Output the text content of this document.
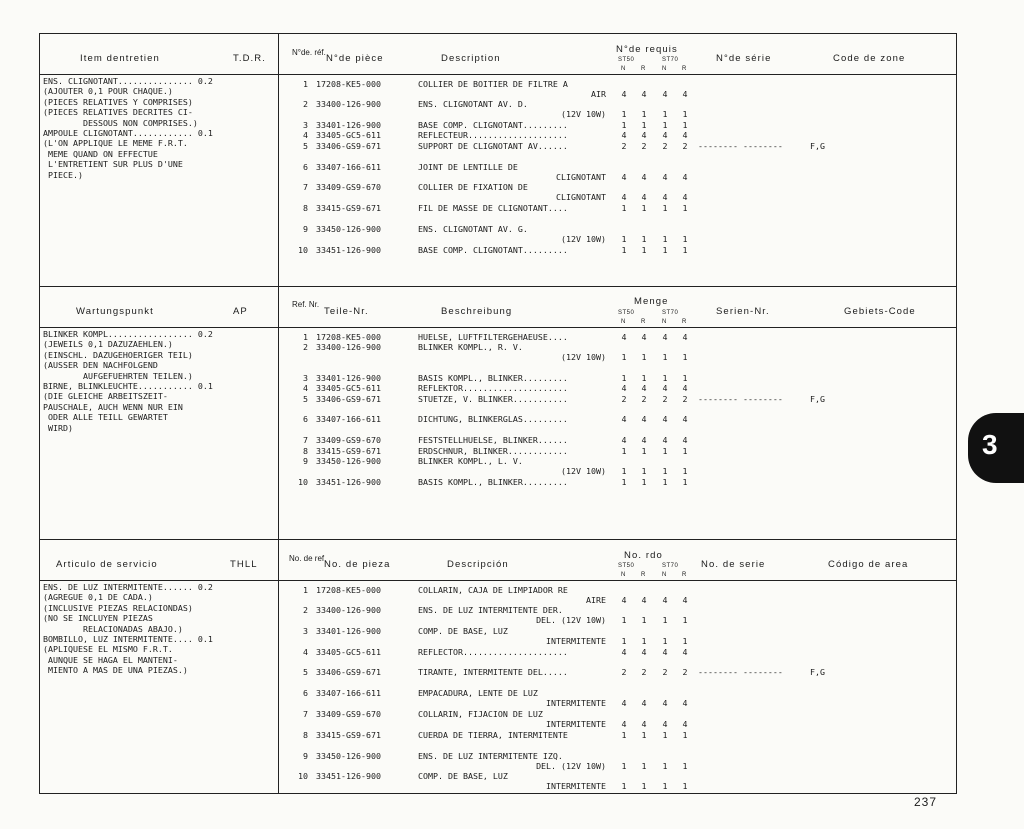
Item dentretien	T.D.R.
N°de. réf.
N°de pièce	Description
N°de requis
ST50	ST70
N	R	N	R
N°de série	Code de zone
ENS. CLIGNOTANT............... 0.2
(AJOUTER 0,1 POUR CHAQUE.)
(PIECES RELATIVES Y COMPRISES)
(PIECES RELATIVES DECRITES CI-
DESSOUS NON COMPRISES.)
AMPOULE CLIGNOTANT............ 0.1
(L'ON APPLIQUE LE MEME F.R.T.
MEME QUAND ON EFFECTUE
L'ENTRETIENT SUR PLUS D'UNE
PIECE.)
1 17208-KE5-000	COLLIER DE BOITIER DE FILTRE A
AIR	4	4	4	4
2 33400-126-900	ENS. CLIGNOTANT AV. D.
(12V 10W)	1	1	1	1
3 33401-126-900	BASE COMP. CLIGNOTANT.........	1	1	1	1
4 33405-GC5-611	REFLECTEUR....................	4	4	4	4
5 33406-GS9-671	SUPPORT DE CLIGNOTANT AV......	2	2	2	2	-------- --------	F,G
6 33407-166-611	JOINT DE LENTILLE DE
CLIGNOTANT	4	4	4	4
7 33409-GS9-670	COLLIER DE FIXATION DE
CLIGNOTANT	4	4	4	4
8 33415-GS9-671	FIL DE MASSE DE CLIGNOTANT....	1	1	1	1
9 33450-126-900	ENS. CLIGNOTANT AV. G.
(12V 10W)	1	1	1	1
10 33451-126-900	BASE COMP. CLIGNOTANT.........	1	1	1	1
Wartungspunkt	AP
Ref. Nr.
Teile-Nr.	Beschreibung
Menge
ST50	ST70
N	R	N	R
Serien-Nr.	Gebiets-Code
BLINKER KOMPL................. 0.2
(JEWEILS 0,1 DAZUZAEHLEN.)
(EINSCHL. DAZUGEHOERIGER TEIL)
(AUSSER DEN NACHFOLGEND
AUFGEFUEHRTEN TEILEN.)
BIRNE, BLINKLEUCHTE........... 0.1
(DIE GLEICHE ARBEITSZEIT-
PAUSCHALE, AUCH WENN NUR EIN
ODER ALLE TEILL GEWARTET
WIRD)
1 17208-KE5-000	HUELSE, LUFTFILTERGEHAEUSE....	4	4	4	4
2 33400-126-900	BLINKER KOMPL., R. V.
(12V 10W)	1	1	1	1
3 33401-126-900	BASIS KOMPL., BLINKER.........	1	1	1	1
4 33405-GC5-611	REFLEKTOR.....................	4	4	4	4
5 33406-GS9-671	STUETZE, V. BLINKER...........	2	2	2	2	-------- --------	F,G
6 33407-166-611	DICHTUNG, BLINKERGLAS.........	4	4	4	4
7 33409-GS9-670	FESTSTELLHUELSE, BLINKER......	4	4	4	4
8 33415-GS9-671	ERDSCHNUR, BLINKER............	1	1	1	1
9 33450-126-900	BLINKER KOMPL., L. V.
(12V 10W)	1	1	1	1
10 33451-126-900	BASIS KOMPL., BLINKER.........	1	1	1	1
Articulo de servicio	THLL
No. de ref.
No. de pieza	Descripción
No. rdo
ST50	ST70
N	R	N	R
No. de serie	Código de area
ENS. DE LUZ INTERMITENTE...... 0.2
(AGREGUE 0,1 DE CADA.)
(INCLUSIVE PIEZAS RELACIONDAS)
(NO SE INCLUYEN PIEZAS
RELACIONADAS ABAJO.)
BOMBILLO, LUZ INTERMITENTE.... 0.1
(APLIQUESE EL MISMO F.R.T.
AUNQUE SE HAGA EL MANTENI-
MIENTO A MAS DE UNA PIEZAS.)
1 17208-KE5-000	COLLARIN, CAJA DE LIMPIADOR RE
AIRE	4	4	4	4
2 33400-126-900	ENS. DE LUZ INTERMITENTE DER.
DEL. (12V 10W)	1	1	1	1
3 33401-126-900	COMP. DE BASE, LUZ
INTERMITENTE	1	1	1	1
4 33405-GC5-611	REFLECTOR.....................	4	4	4	4
5 33406-GS9-671	TIRANTE, INTERMITENTE DEL.....	2	2	2	2	-------- --------	F,G
6 33407-166-611	EMPACADURA, LENTE DE LUZ
INTERMITENTE	4	4	4	4
7 33409-GS9-670	COLLARIN, FIJACION DE LUZ
INTERMITENTE	4	4	4	4
8 33415-GS9-671	CUERDA DE TIERRA, INTERMITENTE	1	1	1	1
9 33450-126-900	ENS. DE LUZ INTERMITENTE IZQ.
DEL. (12V 10W)	1	1	1	1
10 33451-126-900	COMP. DE BASE, LUZ
INTERMITENTE	1	1	1	1
3
237
